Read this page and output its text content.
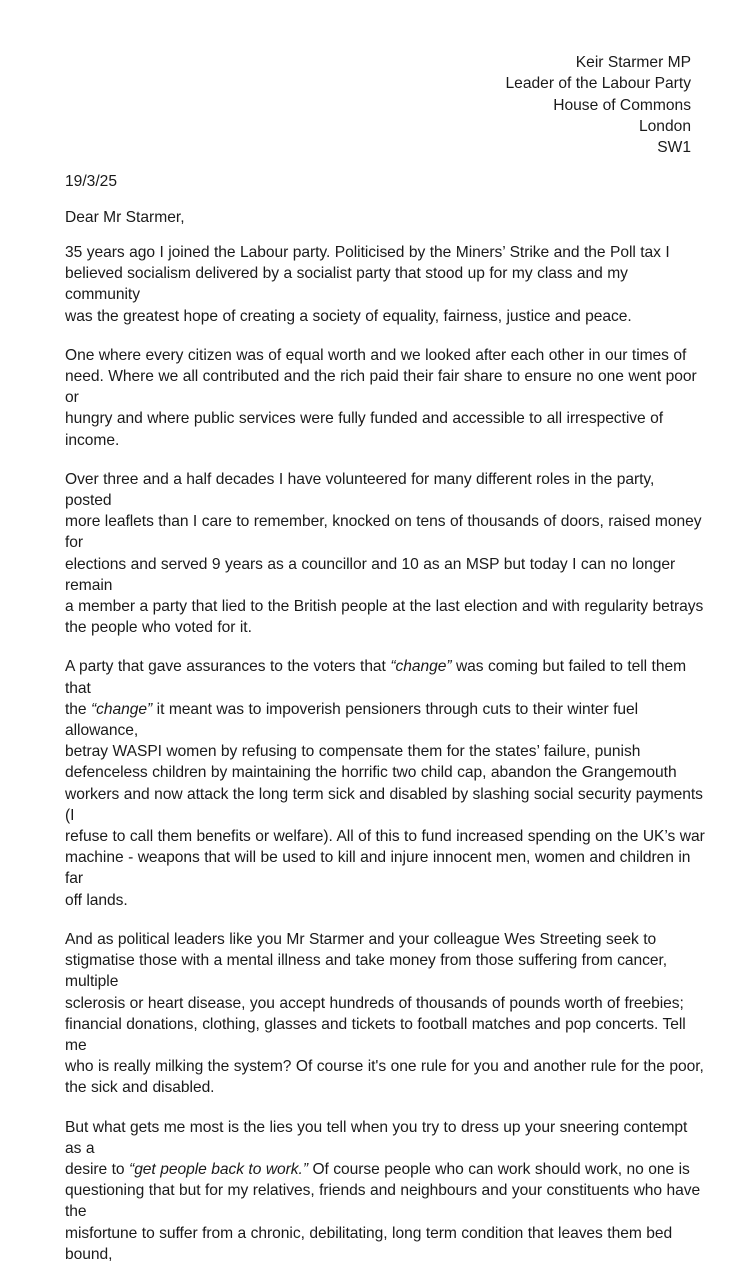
Keir Starmer MP
Leader of the Labour Party
House of Commons
London
SW1
19/3/25
Dear Mr Starmer,

35 years ago I joined the Labour party. Politicised by the Miners’ Strike and the Poll tax I
believed socialism delivered by a socialist party that stood up for my class and my community
was the greatest hope of creating a society of equality, fairness, justice and peace.

One where every citizen was of equal worth and we looked after each other in our times of
need. Where we all contributed and the rich paid their fair share to ensure no one went poor or
hungry and where public services were fully funded and accessible to all irrespective of income.

Over three and a half decades I have volunteered for many different roles in the party, posted
more leaflets than I care to remember, knocked on tens of thousands of doors, raised money for
elections and served 9 years as a councillor and 10 as an MSP but today I can no longer remain
a member a party that lied to the British people at the last election and with regularity betrays
the people who voted for it.

A party that gave assurances to the voters that “change” was coming but failed to tell them that
the “change” it meant was to impoverish pensioners through cuts to their winter fuel allowance,
betray WASPI women by refusing to compensate them for the states’ failure, punish
defenceless children by maintaining the horrific two child cap, abandon the Grangemouth
workers and now attack the long term sick and disabled by slashing social security payments (I
refuse to call them benefits or welfare). All of this to fund increased spending on the UK’s war
machine - weapons that will be used to kill and injure innocent men, women and children in far
off lands.

And as political leaders like you Mr Starmer and your colleague Wes Streeting seek to
stigmatise those with a mental illness and take money from those suffering from cancer, multiple
sclerosis or heart disease, you accept hundreds of thousands of pounds worth of freebies;
financial donations, clothing, glasses and tickets to football matches and pop concerts. Tell me
who is really milking the system? Of course it's one rule for you and another rule for the poor,
the sick and disabled.

But what gets me most is the lies you tell when you try to dress up your sneering contempt as a
desire to “get people back to work.” Of course people who can work should work, no one is
questioning that but for my relatives, friends and neighbours and your constituents who have the
misfortune to suffer from a chronic, debilitating, long term condition that leaves them bed bound,
